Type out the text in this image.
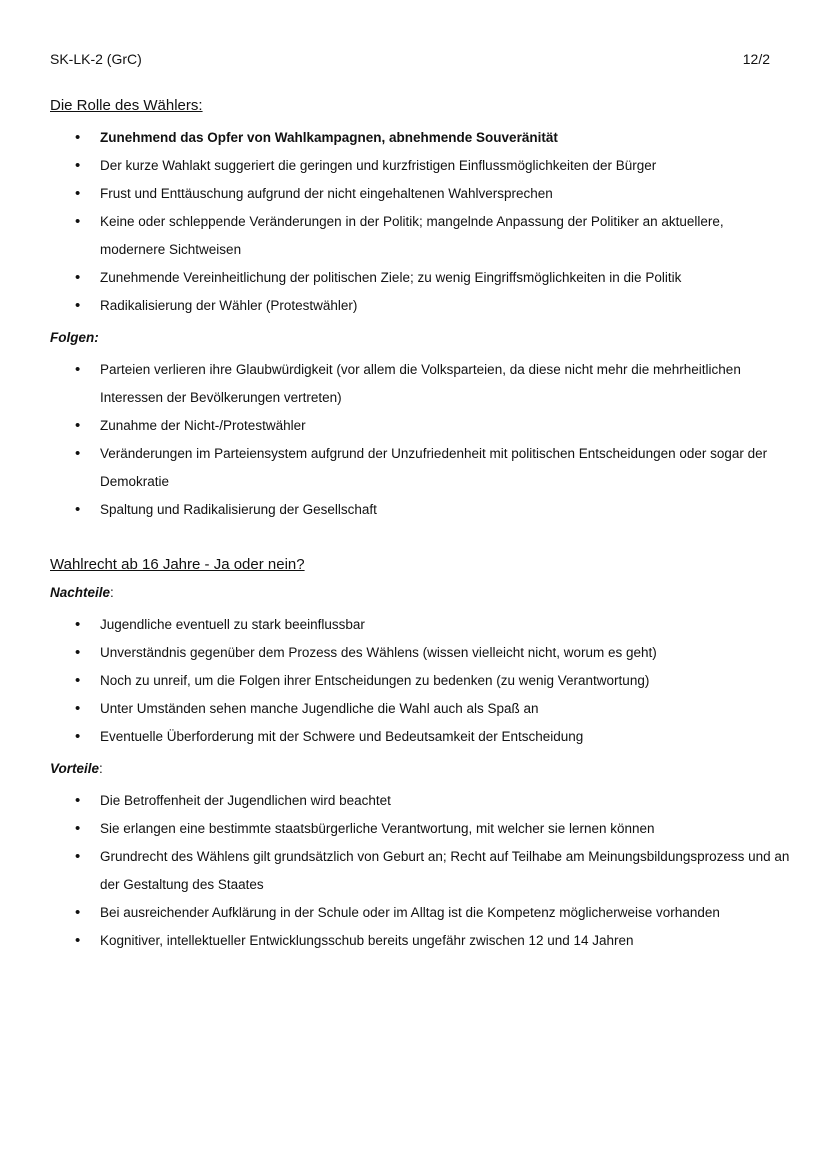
SK-LK-2 (GrC)	12/2
Die Rolle des Wählers:
• Zunehmend das Opfer von Wahlkampagnen, abnehmende Souveränität
• Der kurze Wahlakt suggeriert die geringen und kurzfristigen Einflussmöglichkeiten der Bürger
• Frust und Enttäuschung aufgrund der nicht eingehaltenen Wahlversprechen
• Keine oder schleppende Veränderungen in der Politik; mangelnde Anpassung der Politiker an aktuellere, modernere Sichtweisen
• Zunehmende Vereinheitlichung der politischen Ziele; zu wenig Eingriffsmöglichkeiten in die Politik
• Radikalisierung der Wähler (Protestwähler)
Folgen:
• Parteien verlieren ihre Glaubwürdigkeit (vor allem die Volksparteien, da diese nicht mehr die mehrheitlichen Interessen der Bevölkerungen vertreten)
• Zunahme der Nicht-/Protestwähler
• Veränderungen im Parteiensystem aufgrund der Unzufriedenheit mit politischen Entscheidungen oder sogar der Demokratie
• Spaltung und Radikalisierung der Gesellschaft
Wahlrecht ab 16 Jahre - Ja oder nein?
Nachteile:
• Jugendliche eventuell zu stark beeinflussbar
• Unverständnis gegenüber dem Prozess des Wählens (wissen vielleicht nicht, worum es geht)
• Noch zu unreif, um die Folgen ihrer Entscheidungen zu bedenken (zu wenig Verantwortung)
• Unter Umständen sehen manche Jugendliche die Wahl auch als Spaß an
• Eventuelle Überforderung mit der Schwere und Bedeutsamkeit der Entscheidung
Vorteile:
• Die Betroffenheit der Jugendlichen wird beachtet
• Sie erlangen eine bestimmte staatsbürgerliche Verantwortung, mit welcher sie lernen können
• Grundrecht des Wählens gilt grundsätzlich von Geburt an; Recht auf Teilhabe am Meinungsbildungsprozess und an der Gestaltung des Staates
• Bei ausreichender Aufklärung in der Schule oder im Alltag ist die Kompetenz möglicherweise vorhanden
• Kognitiver, intellektueller Entwicklungsschub bereits ungefähr zwischen 12 und 14 Jahren
